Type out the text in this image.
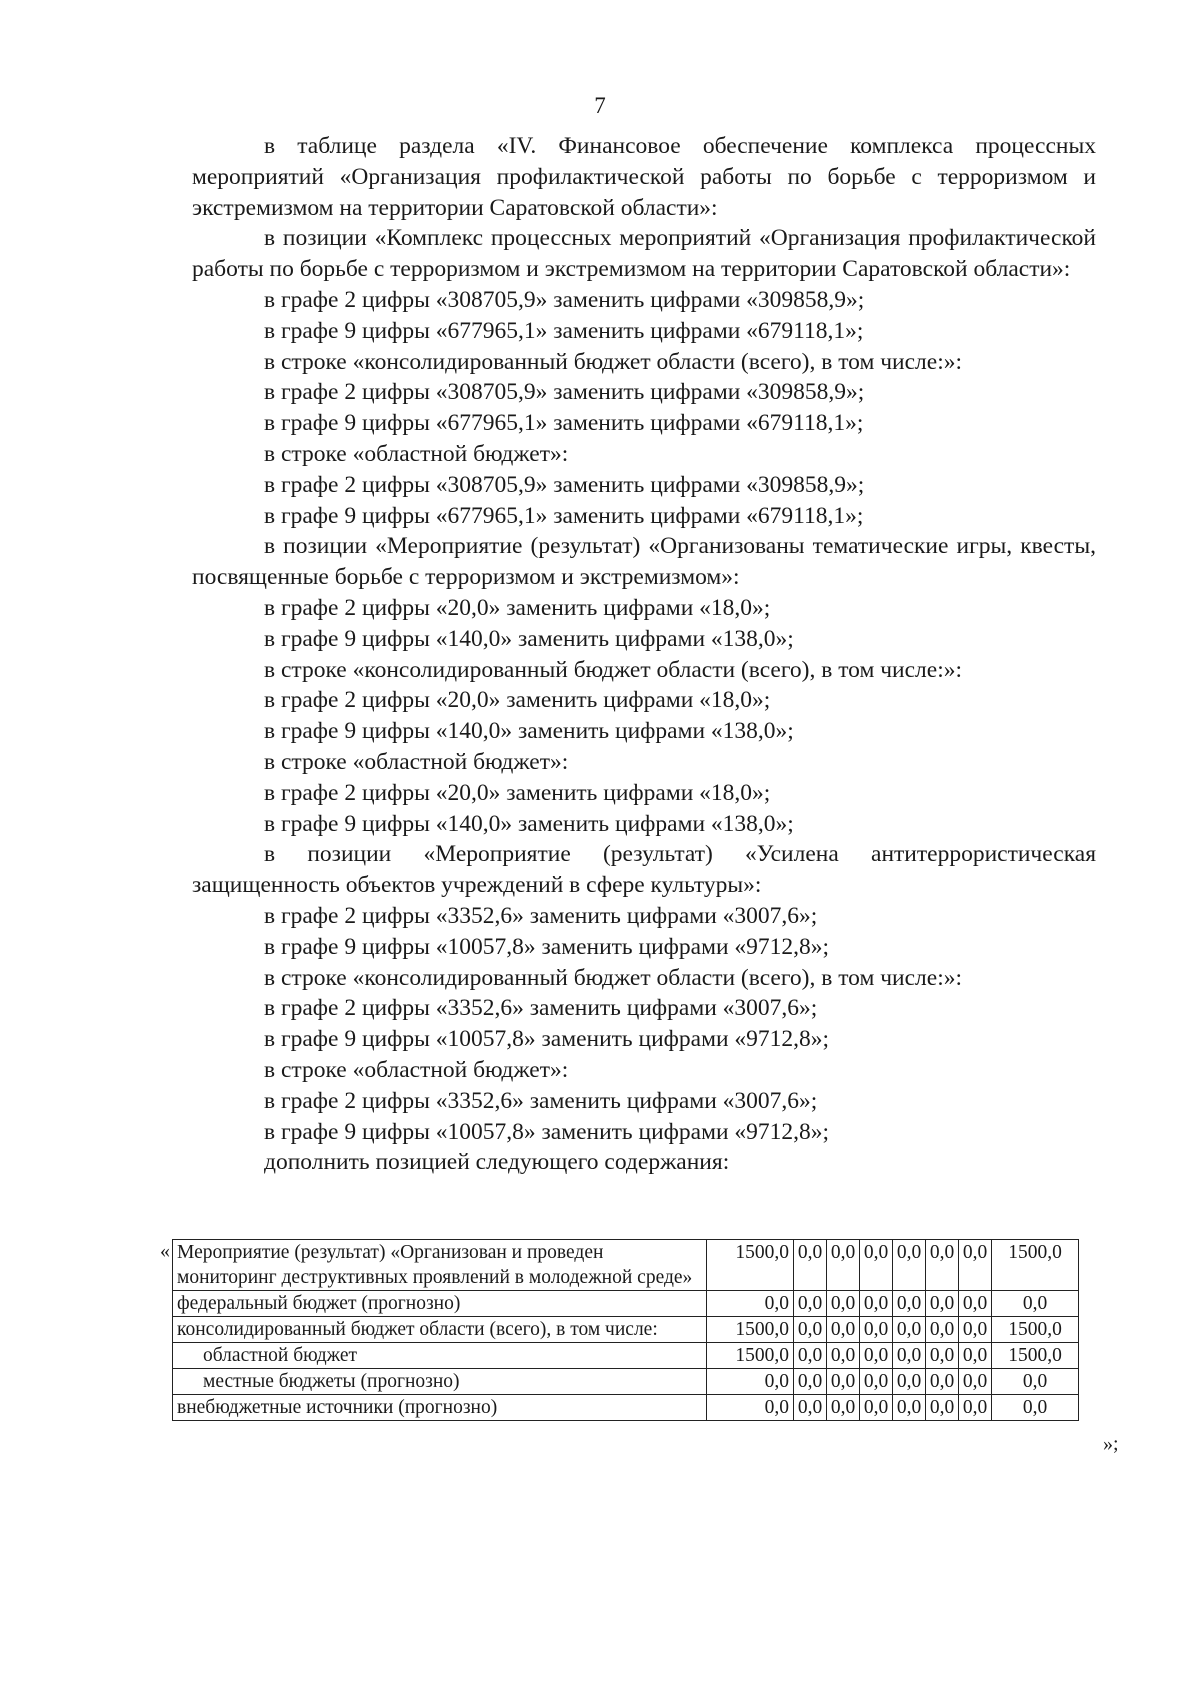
7

в таблице раздела «IV. Финансовое обеспечение комплекса процессных мероприятий «Организация профилактической работы по борьбе с терроризмом и экстремизмом на территории Саратовской области»:

в позиции «Комплекс процессных мероприятий «Организация профилактической работы по борьбе с терроризмом и экстремизмом на территории Саратовской области»:

в графе 2 цифры «308705,9» заменить цифрами «309858,9»;

в графе 9 цифры «677965,1» заменить цифрами «679118,1»;

в строке «консолидированный бюджет области (всего), в том числе:»:

в графе 2 цифры «308705,9» заменить цифрами «309858,9»;

в графе 9 цифры «677965,1» заменить цифрами «679118,1»;

в строке «областной бюджет»:

в графе 2 цифры «308705,9» заменить цифрами «309858,9»;

в графе 9 цифры «677965,1» заменить цифрами «679118,1»;

в позиции «Мероприятие (результат) «Организованы тематические игры, квесты, посвященные борьбе с терроризмом и экстремизмом»:

в графе 2 цифры «20,0» заменить цифрами «18,0»;

в графе 9 цифры «140,0» заменить цифрами «138,0»;

в строке «консолидированный бюджет области (всего), в том числе:»:

в графе 2 цифры «20,0» заменить цифрами «18,0»;

в графе 9 цифры «140,0» заменить цифрами «138,0»;

в строке «областной бюджет»:

в графе 2 цифры «20,0» заменить цифрами «18,0»;

в графе 9 цифры «140,0» заменить цифрами «138,0»;

в позиции «Мероприятие (результат) «Усилена антитеррористическая защищенность объектов учреждений в сфере культуры»:

в графе 2 цифры «3352,6» заменить цифрами «3007,6»;

в графе 9 цифры «10057,8» заменить цифрами «9712,8»;

в строке «консолидированный бюджет области (всего), в том числе:»:

в графе 2 цифры «3352,6» заменить цифрами «3007,6»;

в графе 9 цифры «10057,8» заменить цифрами «9712,8»;

в строке «областной бюджет»:

в графе 2 цифры «3352,6» заменить цифрами «3007,6»;

в графе 9 цифры «10057,8» заменить цифрами «9712,8»;

дополнить позицией следующего содержания:

« Мероприятие (результат) «Организован и проведен мониторинг деструктивных проявлений в молодежной среде»	1500,0	0,0	0,0	0,0	0,0	0,0	0,0	1500,0
федеральный бюджет (прогнозно)	0,0	0,0	0,0	0,0	0,0	0,0	0,0	0,0
консолидированный бюджет области (всего), в том числе:	1500,0	0,0	0,0	0,0	0,0	0,0	0,0	1500,0
областной бюджет	1500,0	0,0	0,0	0,0	0,0	0,0	0,0	1500,0
местные бюджеты (прогнозно)	0,0	0,0	0,0	0,0	0,0	0,0	0,0	0,0
внебюджетные источники (прогнозно)	0,0	0,0	0,0	0,0	0,0	0,0	0,0	0,0
»;
